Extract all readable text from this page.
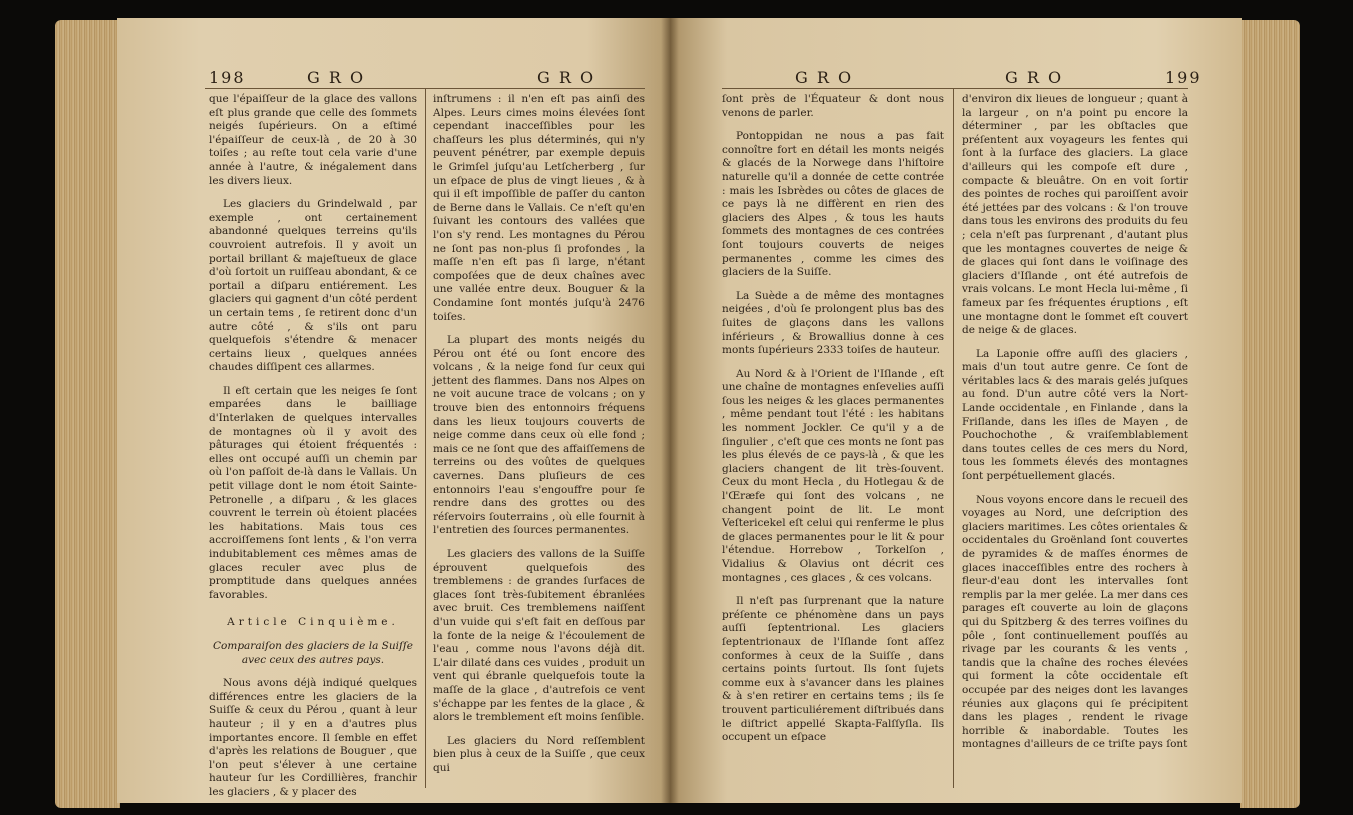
198	G R O	G R O

que l'épaiſſeur de la glace des vallons eſt plus grande que celle des ſommets neigés ſupérieurs. On a eſtimé l'épaiſſeur de ceux-là , de 20 à 30 toiſes ; au reſte tout cela varie d'une année à l'autre, & inégalement dans les divers lieux.

Les glaciers du Grindelwald , par exemple , ont certainement abandonné quelques terreins qu'ils couvroient autrefois. Il y avoit un portail brillant & majeſtueux de glace d'où ſortoit un ruiſſeau abondant, & ce portail a diſparu entiérement. Les glaciers qui gagnent d'un côté perdent un certain tems , ſe retirent donc d'un autre côté , & s'ils ont paru quelquefois s'étendre & menacer certains lieux , quelques années chaudes diſſipent ces allarmes.

Il eſt certain que les neiges ſe ſont emparées dans le bailliage d'Interlaken de quelques intervalles de montagnes où il y avoit des pâturages qui étoient fréquentés : elles ont occupé auſſi un chemin par où l'on paſſoit de-là dans le Vallais. Un petit village dont le nom étoit Sainte-Petronelle , a diſparu , & les glaces couvrent le terrein où étoient placées les habitations. Mais tous ces accroiſſemens ſont lents , & l'on verra indubitablement ces mêmes amas de glaces reculer avec plus de promptitude dans quelques années favorables.

Article Cinquième.

Comparaiſon des glaciers de la Suiſſe avec ceux des autres pays.

Nous avons déjà indiqué quelques différences entre les glaciers de la Suiſſe & ceux du Pérou , quant à leur hauteur ; il y en a d'autres plus importantes encore. Il ſemble en effet d'après les relations de Bouguer , que l'on peut s'élever à une certaine hauteur ſur les Cordillières, franchir les glaciers , & y placer des

inſtrumens : il n'en eſt pas ainſi des Alpes. Leurs cimes moins élevées ſont cependant inacceſſibles pour les chaſſeurs les plus déterminés, qui n'y peuvent pénétrer, par exemple depuis le Grimſel juſqu'au Letſcherberg , ſur un eſpace de plus de vingt lieues , & à qui il eſt impoſſible de paſſer du canton de Berne dans le Vallais. Ce n'eſt qu'en ſuivant les contours des vallées que l'on s'y rend. Les montagnes du Pérou ne ſont pas non-plus ſi profondes , la maſſe n'en eſt pas ſi large, n'étant compoſées que de deux chaînes avec une vallée entre deux. Bouguer & la Condamine ſont montés juſqu'à 2476 toiſes.

La plupart des monts neigés du Pérou ont été ou ſont encore des volcans , & la neige fond ſur ceux qui jettent des flammes. Dans nos Alpes on ne voit aucune trace de volcans ; on y trouve bien des entonnoirs fréquens dans les lieux toujours couverts de neige comme dans ceux où elle fond ; mais ce ne ſont que des affaiſſemens de terreins ou des voûtes de quelques cavernes. Dans pluſieurs de ces entonnoirs l'eau s'engouffre pour ſe rendre dans des grottes ou des réſervoirs ſouterrains , où elle fournit à l'entretien des ſources permanentes.

Les glaciers des vallons de la Suiſſe éprouvent quelquefois des tremblemens : de grandes ſurfaces de glaces ſont très-ſubitement ébranlées avec bruit. Ces tremblemens naiſſent d'un vuide qui s'eſt fait en deſſous par la fonte de la neige & l'écoulement de l'eau , comme nous l'avons déjà dit. L'air dilaté dans ces vuides , produit un vent qui ébranle quelquefois toute la maſſe de la glace , d'autrefois ce vent s'échappe par les fentes de la glace , & alors le tremblement eſt moins ſenſible.

Les glaciers du Nord reſſemblent bien plus à ceux de la Suiſſe , que ceux qui

G R O	G R O	199

ſont près de l'Équateur & dont nous venons de parler.

Pontoppidan ne nous a pas fait connoître fort en détail les monts neigés & glacés de la Norwege dans l'hiſtoire naturelle qu'il a donnée de cette contrée : mais les Isbrèdes ou côtes de glaces de ce pays là ne diffèrent en rien des glaciers des Alpes , & tous les hauts ſommets des montagnes de ces contrées ſont toujours couverts de neiges permanentes , comme les cimes des glaciers de la Suiſſe.

La Suède a de même des montagnes neigées , d'où ſe prolongent plus bas des ſuites de glaçons dans les vallons inférieurs , & Browallius donne à ces monts ſupérieurs 2333 toiſes de hauteur.

Au Nord & à l'Orient de l'Iſlande , eſt une chaîne de montagnes enſevelies auſſi ſous les neiges & les glaces permanentes , même pendant tout l'été : les habitans les nomment Jockler. Ce qu'il y a de ſingulier , c'eſt que ces monts ne ſont pas les plus élevés de ce pays-là , & que les glaciers changent de lit très-ſouvent. Ceux du mont Hecla , du Hotlegau & de l'Œræfe qui ſont des volcans , ne changent point de lit. Le mont Veſtericekel eſt celui qui renferme le plus de glaces permanentes pour le lit & pour l'étendue. Horrebow , Torkelſon , Vidalius & Olavius ont décrit ces montagnes , ces glaces , & ces volcans.

Il n'eſt pas ſurprenant que la nature préſente ce phénomène dans un pays auſſi ſeptentrional. Les glaciers ſeptentrionaux de l'Iſlande ſont aſſez conformes à ceux de la Suiſſe , dans certains points ſurtout. Ils ſont ſujets comme eux à s'avancer dans les plaines & à s'en retirer en certains tems ; ils ſe trouvent particuliérement diſtribués dans le diſtrict appellé Skapta-Falſſyſla. Ils occupent un eſpace

d'environ dix lieues de longueur ; quant à la largeur , on n'a point pu encore la déterminer , par les obſtacles que préſentent aux voyageurs les fentes qui ſont à la ſurface des glaciers. La glace d'ailleurs qui les compoſe eſt dure , compacte & bleuâtre. On en voit ſortir des pointes de roches qui paroiſſent avoir été jettées par des volcans : & l'on trouve dans tous les environs des produits du feu ; cela n'eſt pas ſurprenant , d'autant plus que les montagnes couvertes de neige & de glaces qui ſont dans le voiſinage des glaciers d'Iſlande , ont été autrefois de vrais volcans. Le mont Hecla lui-même , ſi fameux par ſes fréquentes éruptions , eſt une montagne dont le ſommet eſt couvert de neige & de glaces.

La Laponie offre auſſi des glaciers , mais d'un tout autre genre. Ce ſont de véritables lacs & des marais gelés juſques au fond. D'un autre côté vers la Nort-Lande occidentale , en Finlande , dans la Friſlande, dans les iſles de Mayen , de Pouchochothe , & vraiſemblablement dans toutes celles de ces mers du Nord, tous les ſommets élevés des montagnes ſont perpétuellement glacés.

Nous voyons encore dans le recueil des voyages au Nord, une deſcription des glaciers maritimes. Les côtes orientales & occidentales du Groënland ſont couvertes de pyramides & de maſſes énormes de glaces inacceſſibles entre des rochers à fleur-d'eau dont les intervalles ſont remplis par la mer gelée. La mer dans ces parages eſt couverte au loin de glaçons qui du Spitzberg & des terres voiſines du pôle , ſont continuellement pouſſés au rivage par les courants & les vents , tandis que la chaîne des roches élevées qui forment la côte occidentale eſt occupée par des neiges dont les lavanges réunies aux glaçons qui ſe précipitent dans les plages , rendent le rivage horrible & inabordable. Toutes les montagnes d'ailleurs de ce triſte pays ſont
